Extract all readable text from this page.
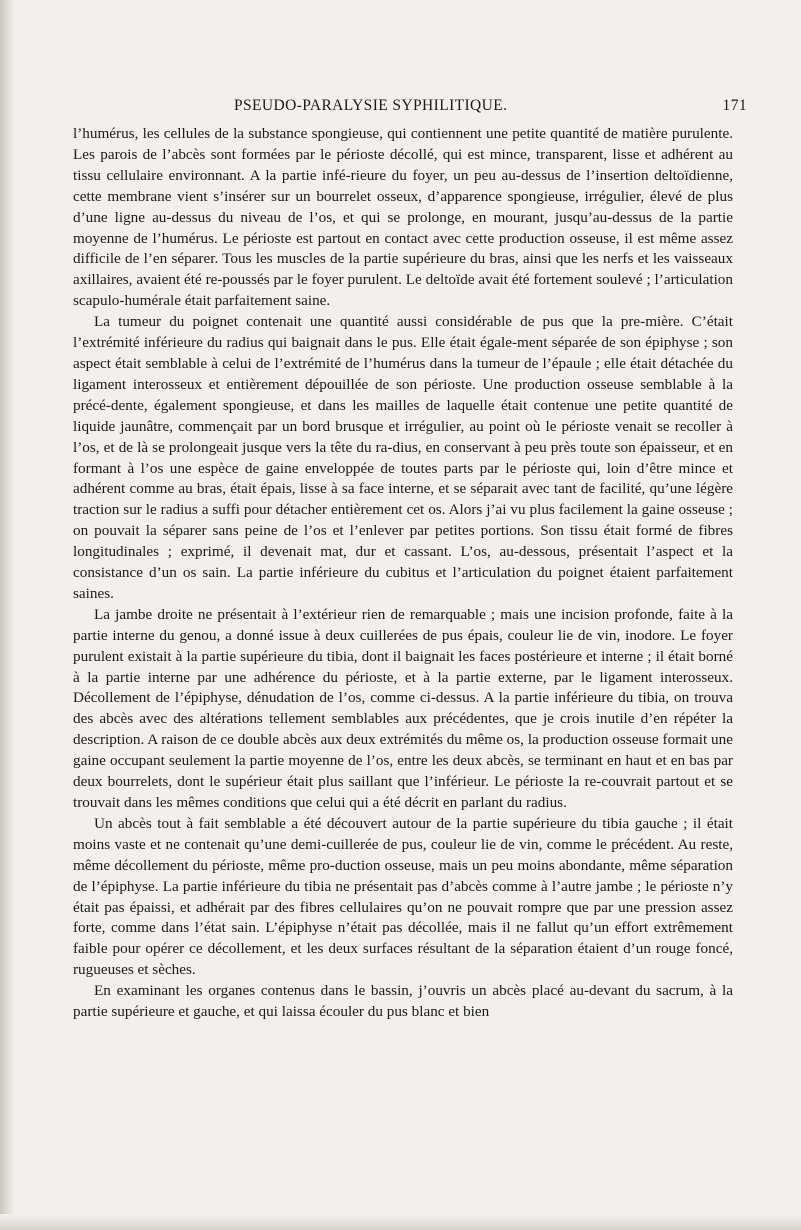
PSEUDO-PARALYSIE SYPHILITIQUE.	171

l’humérus, les cellules de la substance spongieuse, qui contiennent une petite quantité de matière purulente. Les parois de l’abcès sont formées par le périoste décollé, qui est mince, transparent, lisse et adhérent au tissu cellulaire environnant. A la partie infé-rieure du foyer, un peu au-dessus de l’insertion deltoïdienne, cette membrane vient s’insérer sur un bourrelet osseux, d’apparence spongieuse, irrégulier, élevé de plus d’une ligne au-dessus du niveau de l’os, et qui se prolonge, en mourant, jusqu’au-dessus de la partie moyenne de l’humérus. Le périoste est partout en contact avec cette production osseuse, il est même assez difficile de l’en séparer. Tous les muscles de la partie supérieure du bras, ainsi que les nerfs et les vaisseaux axillaires, avaient été re-poussés par le foyer purulent. Le deltoïde avait été fortement soulevé ; l’articulation scapulo-humérale était parfaitement saine.

La tumeur du poignet contenait une quantité aussi considérable de pus que la pre-mière. C’était l’extrémité inférieure du radius qui baignait dans le pus. Elle était égale-ment séparée de son épiphyse ; son aspect était semblable à celui de l’extrémité de l’humérus dans la tumeur de l’épaule ; elle était détachée du ligament interosseux et entièrement dépouillée de son périoste. Une production osseuse semblable à la précé-dente, également spongieuse, et dans les mailles de laquelle était contenue une petite quantité de liquide jaunâtre, commençait par un bord brusque et irrégulier, au point où le périoste venait se recoller à l’os, et de là se prolongeait jusque vers la tête du ra-dius, en conservant à peu près toute son épaisseur, et en formant à l’os une espèce de gaine enveloppée de toutes parts par le périoste qui, loin d’être mince et adhérent comme au bras, était épais, lisse à sa face interne, et se séparait avec tant de facilité, qu’une légère traction sur le radius a suffi pour détacher entièrement cet os. Alors j’ai vu plus facilement la gaine osseuse ; on pouvait la séparer sans peine de l’os et l’enlever par petites portions. Son tissu était formé de fibres longitudinales ; exprimé, il devenait mat, dur et cassant. L’os, au-dessous, présentait l’aspect et la consistance d’un os sain. La partie inférieure du cubitus et l’articulation du poignet étaient parfaitement saines.

La jambe droite ne présentait à l’extérieur rien de remarquable ; mais une incision profonde, faite à la partie interne du genou, a donné issue à deux cuillerées de pus épais, couleur lie de vin, inodore. Le foyer purulent existait à la partie supérieure du tibia, dont il baignait les faces postérieure et interne ; il était borné à la partie interne par une adhérence du périoste, et à la partie externe, par le ligament interosseux. Décollement de l’épiphyse, dénudation de l’os, comme ci-dessus. A la partie inférieure du tibia, on trouva des abcès avec des altérations tellement semblables aux précédentes, que je crois inutile d’en répéter la description. A raison de ce double abcès aux deux extrémités du même os, la production osseuse formait une gaine occupant seulement la partie moyenne de l’os, entre les deux abcès, se terminant en haut et en bas par deux bourrelets, dont le supérieur était plus saillant que l’inférieur. Le périoste la re-couvrait partout et se trouvait dans les mêmes conditions que celui qui a été décrit en parlant du radius.

Un abcès tout à fait semblable a été découvert autour de la partie supérieure du tibia gauche ; il était moins vaste et ne contenait qu’une demi-cuillerée de pus, couleur lie de vin, comme le précédent. Au reste, même décollement du périoste, même pro-duction osseuse, mais un peu moins abondante, même séparation de l’épiphyse. La partie inférieure du tibia ne présentait pas d’abcès comme à l’autre jambe ; le périoste n’y était pas épaissi, et adhérait par des fibres cellulaires qu’on ne pouvait rompre que par une pression assez forte, comme dans l’état sain. L’épiphyse n’était pas décollée, mais il ne fallut qu’un effort extrêmement faible pour opérer ce décollement, et les deux surfaces résultant de la séparation étaient d’un rouge foncé, rugueuses et sèches.

En examinant les organes contenus dans le bassin, j’ouvris un abcès placé au-devant du sacrum, à la partie supérieure et gauche, et qui laissa écouler du pus blanc et bien
